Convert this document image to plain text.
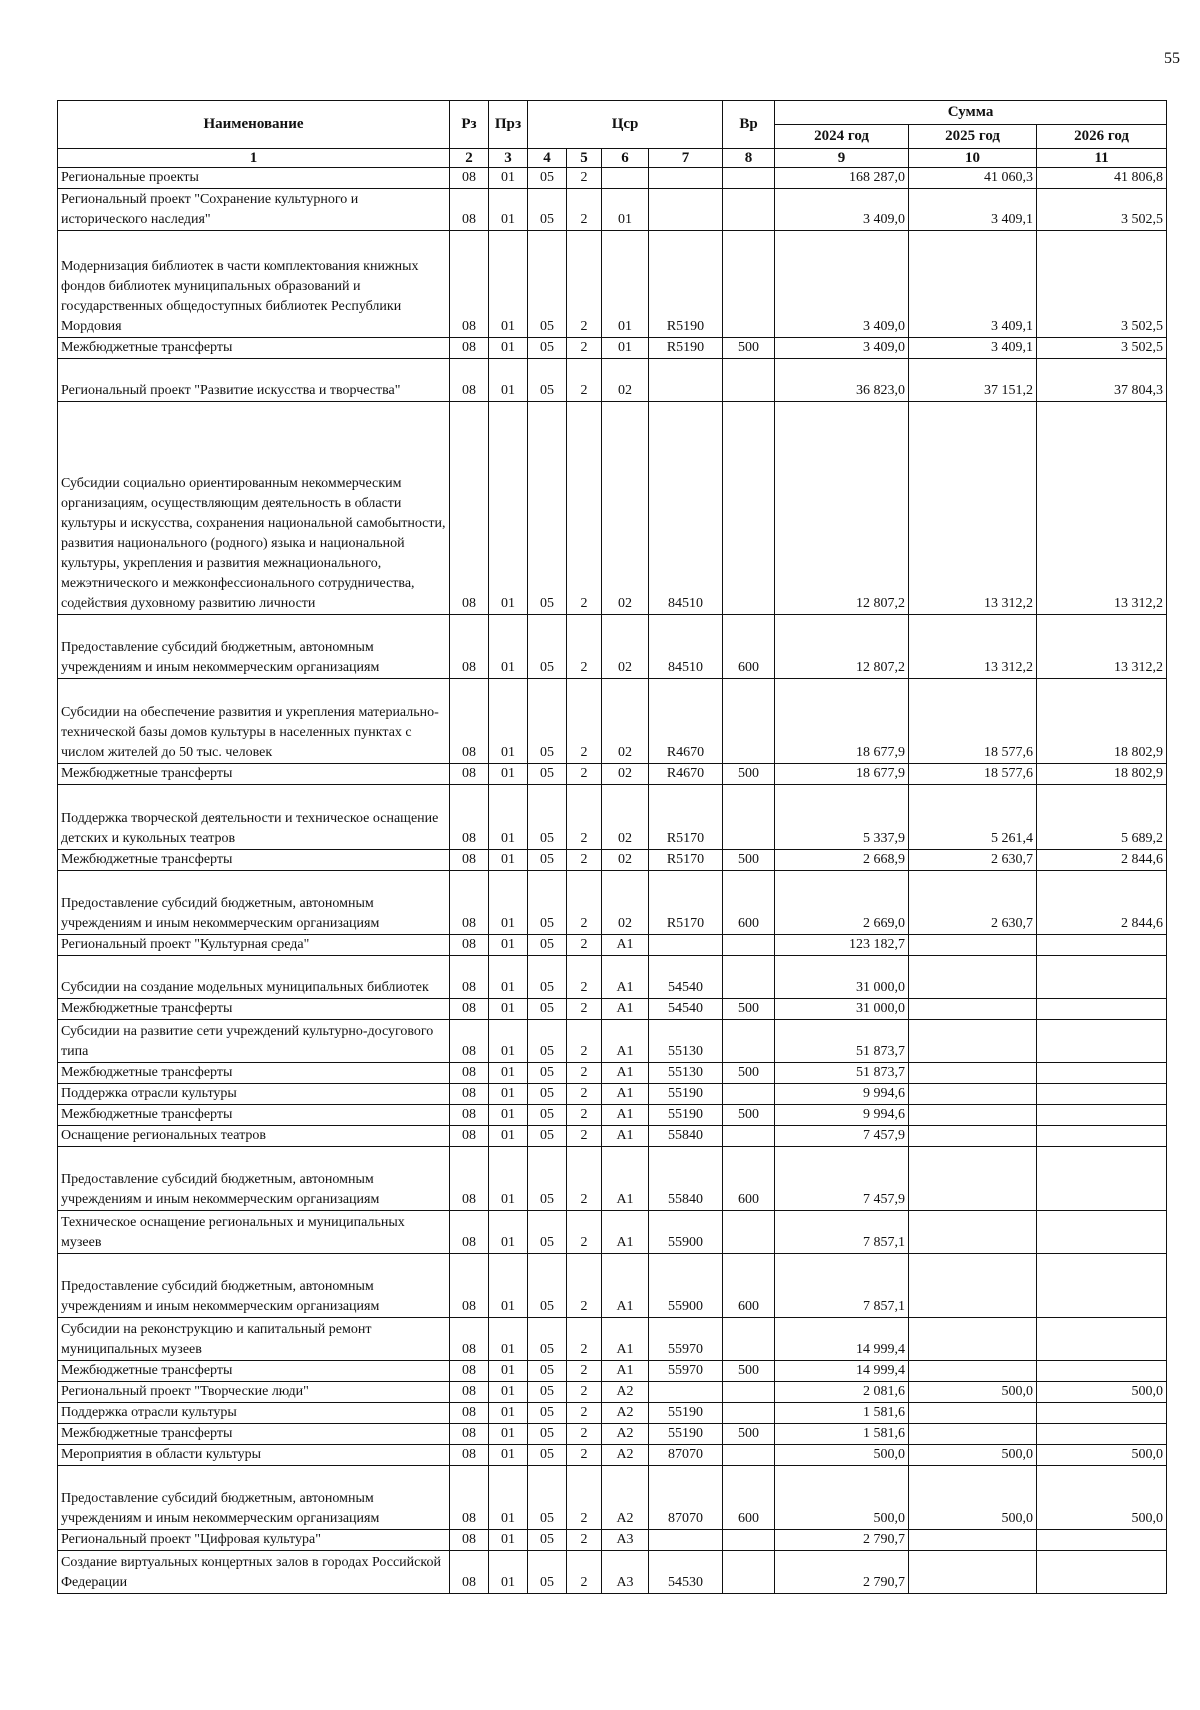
55
Наименование	Рз	Прз	Цср				Вр	Сумма		
								2024 год	2025 год	2026 год
1	2	3	4	5	6	7	8	9	10	11
Региональные проекты	08	01	05	2				168 287,0	41 060,3	41 806,8
Региональный проект "Сохранение культурного и исторического наследия"	08	01	05	2	01			3 409,0	3 409,1	3 502,5
Модернизация библиотек в части комплектования книжных фондов библиотек муниципальных образований и государственных общедоступных библиотек Республики Мордовия	08	01	05	2	01	R5190		3 409,0	3 409,1	3 502,5
Межбюджетные трансферты	08	01	05	2	01	R5190	500	3 409,0	3 409,1	3 502,5
Региональный проект "Развитие искусства и творчества"	08	01	05	2	02			36 823,0	37 151,2	37 804,3
Субсидии социально ориентированным некоммерческим организациям, осуществляющим деятельность в области культуры и искусства, сохранения национальной самобытности, развития национального (родного) языка и национальной культуры, укрепления и развития межнационального, межэтнического и межконфессионального сотрудничества, содействия духовному развитию личности	08	01	05	2	02	84510		12 807,2	13 312,2	13 312,2
Предоставление субсидий бюджетным, автономным учреждениям и иным некоммерческим организациям	08	01	05	2	02	84510	600	12 807,2	13 312,2	13 312,2
Субсидии на обеспечение развития и укрепления материально-технической базы домов культуры в населенных пунктах с числом жителей до 50 тыс. человек	08	01	05	2	02	R4670		18 677,9	18 577,6	18 802,9
Межбюджетные трансферты	08	01	05	2	02	R4670	500	18 677,9	18 577,6	18 802,9
Поддержка творческой деятельности и техническое оснащение детских и кукольных театров	08	01	05	2	02	R5170		5 337,9	5 261,4	5 689,2
Межбюджетные трансферты	08	01	05	2	02	R5170	500	2 668,9	2 630,7	2 844,6
Предоставление субсидий бюджетным, автономным учреждениям и иным некоммерческим организациям	08	01	05	2	02	R5170	600	2 669,0	2 630,7	2 844,6
Региональный проект "Культурная среда"	08	01	05	2	A1			123 182,7		
Субсидии на создание модельных муниципальных библиотек	08	01	05	2	A1	54540		31 000,0		
Межбюджетные трансферты	08	01	05	2	A1	54540	500	31 000,0		
Субсидии на развитие сети учреждений культурно-досугового типа	08	01	05	2	A1	55130		51 873,7		
Межбюджетные трансферты	08	01	05	2	A1	55130	500	51 873,7		
Поддержка отрасли культуры	08	01	05	2	A1	55190		9 994,6		
Межбюджетные трансферты	08	01	05	2	A1	55190	500	9 994,6		
Оснащение региональных театров	08	01	05	2	A1	55840		7 457,9		
Предоставление субсидий бюджетным, автономным учреждениям и иным некоммерческим организациям	08	01	05	2	A1	55840	600	7 457,9		
Техническое оснащение региональных и муниципальных музеев	08	01	05	2	A1	55900		7 857,1		
Предоставление субсидий бюджетным, автономным учреждениям и иным некоммерческим организациям	08	01	05	2	A1	55900	600	7 857,1		
Субсидии на реконструкцию и капитальный ремонт муниципальных музеев	08	01	05	2	A1	55970		14 999,4		
Межбюджетные трансферты	08	01	05	2	A1	55970	500	14 999,4		
Региональный проект "Творческие люди"	08	01	05	2	A2			2 081,6	500,0	500,0
Поддержка отрасли культуры	08	01	05	2	A2	55190		1 581,6		
Межбюджетные трансферты	08	01	05	2	A2	55190	500	1 581,6		
Мероприятия в области культуры	08	01	05	2	A2	87070		500,0	500,0	500,0
Предоставление субсидий бюджетным, автономным учреждениям и иным некоммерческим организациям	08	01	05	2	A2	87070	600	500,0	500,0	500,0
Региональный проект "Цифровая культура"	08	01	05	2	A3			2 790,7		
Создание виртуальных концертных залов в городах Российской Федерации	08	01	05	2	A3	54530		2 790,7		
